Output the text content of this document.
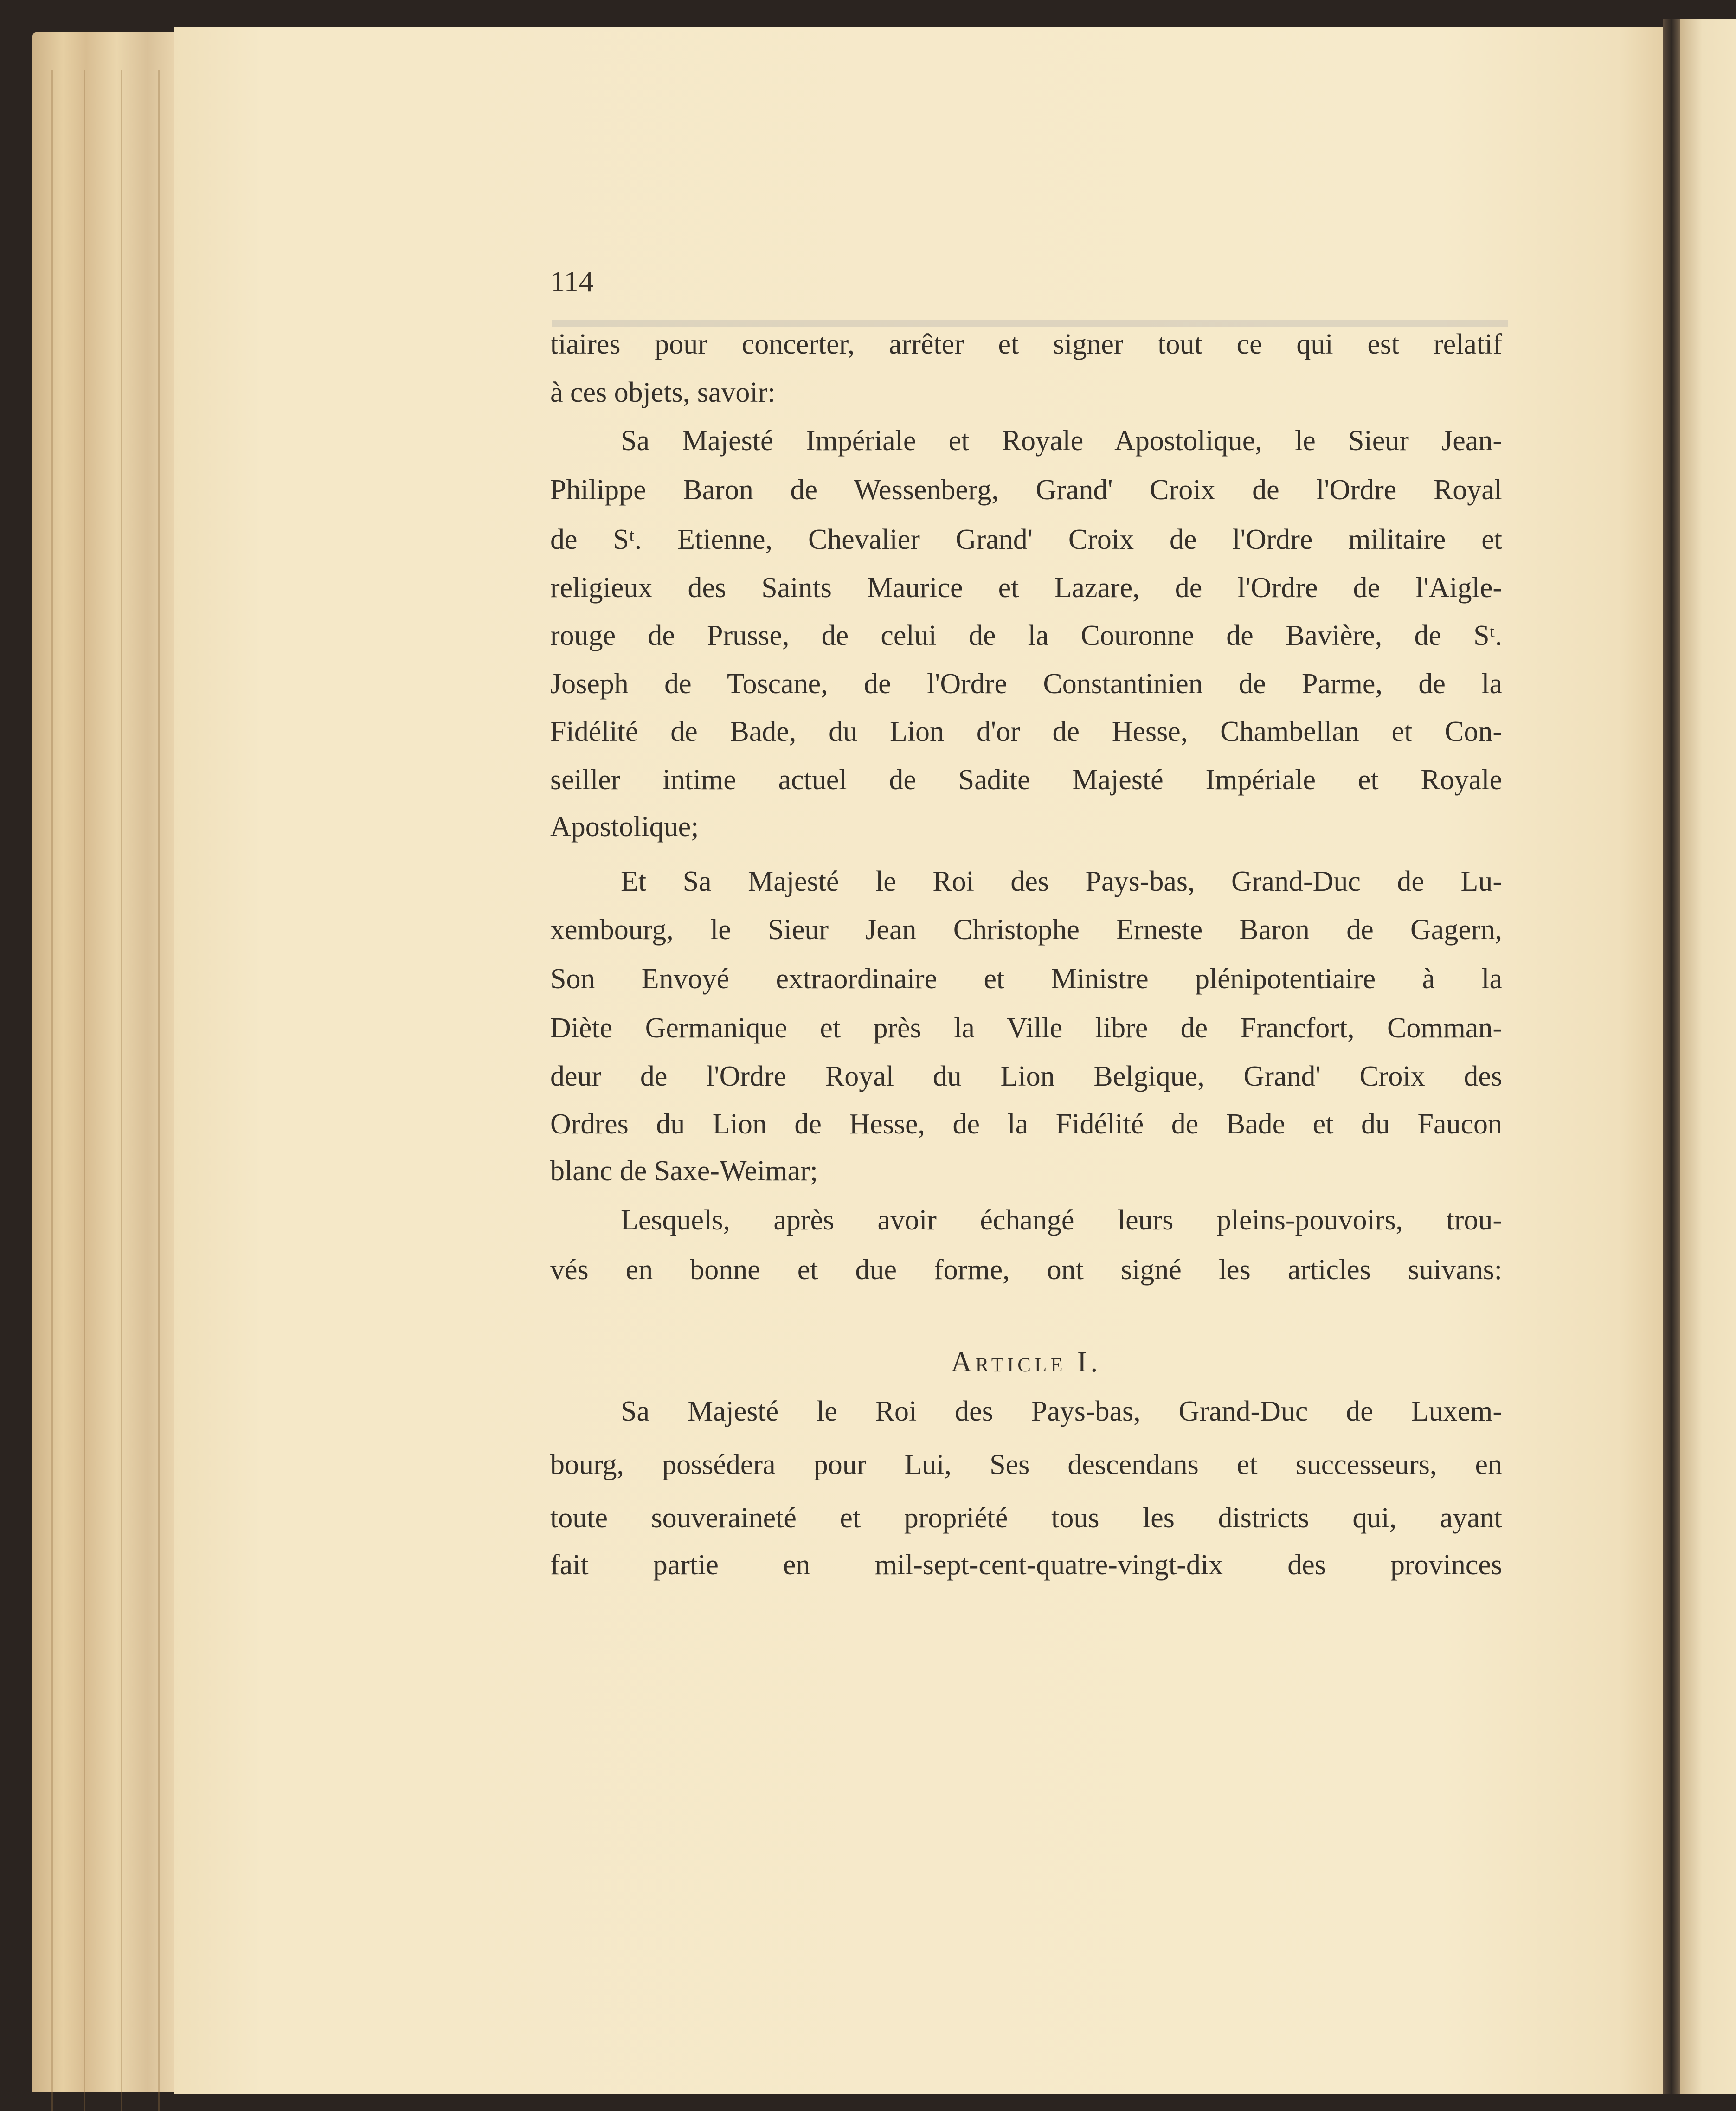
114
tiaires pour concerter, arrêter et signer tout ce qui est relatif
à ces objets, savoir:
Sa Majesté Impériale et Royale Apostolique, le Sieur Jean-
Philippe Baron de Wessenberg, Grand' Croix de l'Ordre Royal
de Sᵗ. Etienne, Chevalier Grand' Croix de l'Ordre militaire et
religieux des Saints Maurice et Lazare, de l'Ordre de l'Aigle-
rouge de Prusse, de celui de la Couronne de Bavière, de Sᵗ.
Joseph de Toscane, de l'Ordre Constantinien de Parme, de la
Fidélité de Bade, du Lion d'or de Hesse, Chambellan et Con-
seiller intime actuel de Sadite Majesté Impériale et Royale
Apostolique;
Et Sa Majesté le Roi des Pays-bas, Grand-Duc de Lu-
xembourg, le Sieur Jean Christophe Erneste Baron de Gagern,
Son Envoyé extraordinaire et Ministre plénipotentiaire à la
Diète Germanique et près la Ville libre de Francfort, Comman-
deur de l'Ordre Royal du Lion Belgique, Grand' Croix des
Ordres du Lion de Hesse, de la Fidélité de Bade et du Faucon
blanc de Saxe-Weimar;
Lesquels, après avoir échangé leurs pleins-pouvoirs, trou-
vés en bonne et due forme, ont signé les articles suivans:
Article I.
Sa Majesté le Roi des Pays-bas, Grand-Duc de Luxem-
bourg, possédera pour Lui, Ses descendans et successeurs, en
toute souveraineté et propriété tous les districts qui, ayant
fait partie en mil-sept-cent-quatre-vingt-dix des provinces
